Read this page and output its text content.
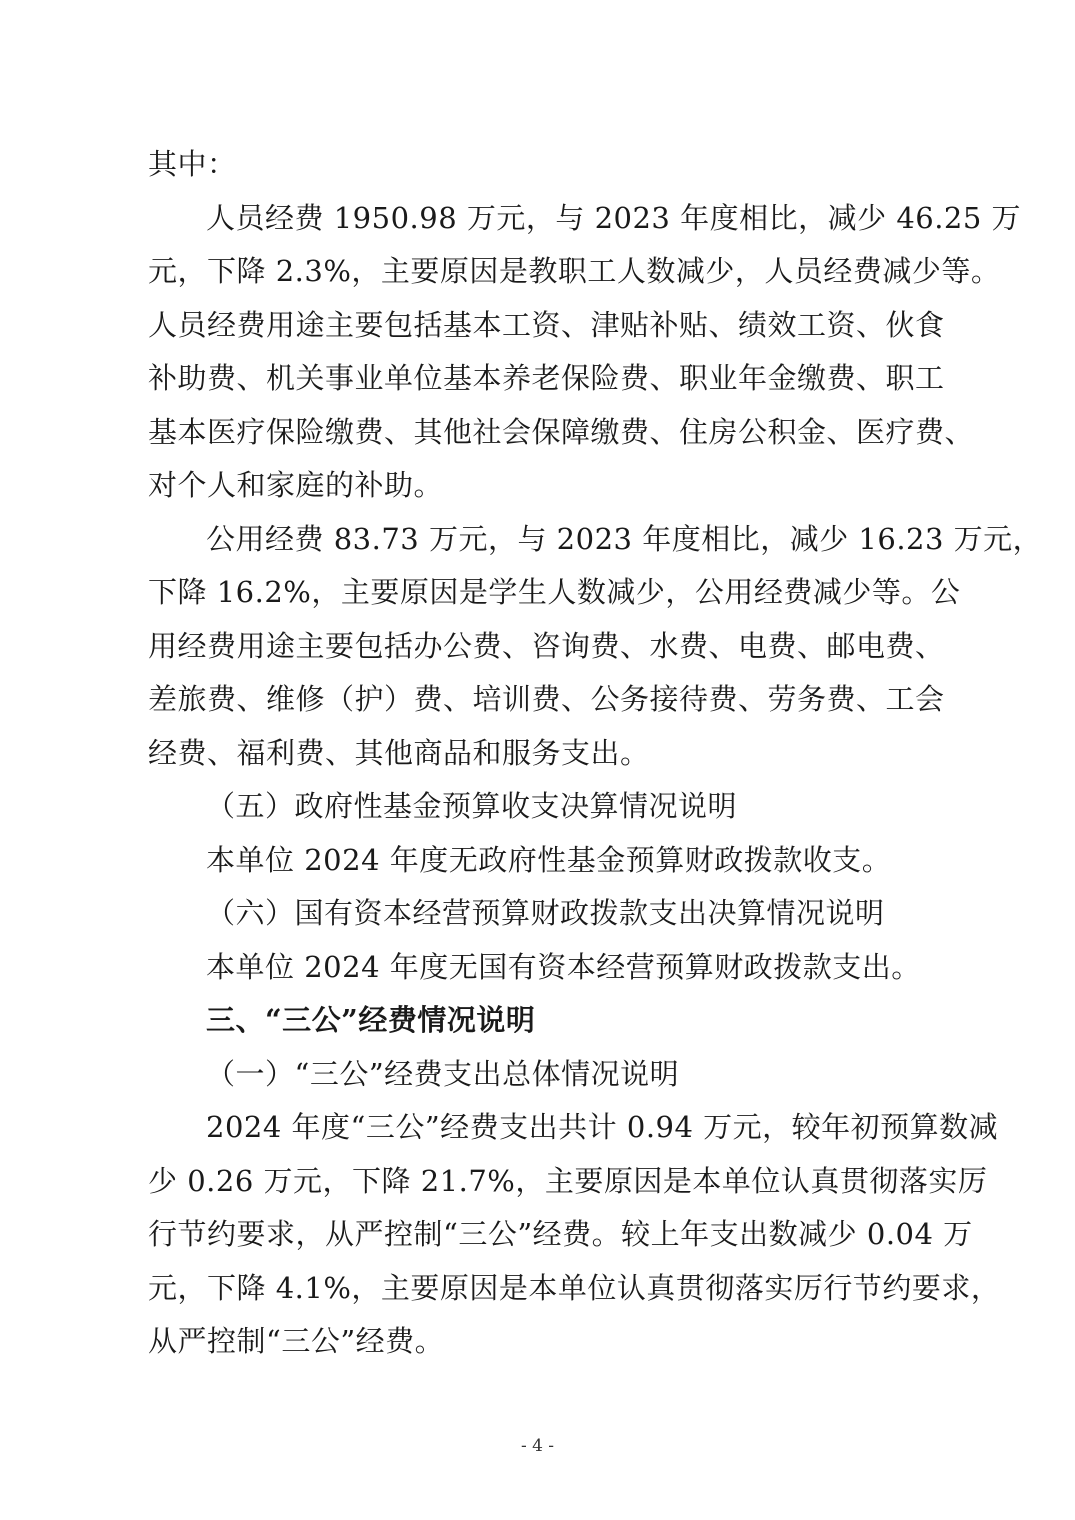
其中：
人员经费 1950.98 万元，与 2023 年度相比，减少 46.25 万
元，下降 2.3%，主要原因是教职工人数减少，人员经费减少等。
人员经费用途主要包括基本工资、津贴补贴、绩效工资、伙食
补助费、机关事业单位基本养老保险费、职业年金缴费、职工
基本医疗保险缴费、其他社会保障缴费、住房公积金、医疗费、
对个人和家庭的补助。
公用经费 83.73 万元，与 2023 年度相比，减少 16.23 万元，
下降 16.2%，主要原因是学生人数减少，公用经费减少等。公
用经费用途主要包括办公费、咨询费、水费、电费、邮电费、
差旅费、维修（护）费、培训费、公务接待费、劳务费、工会
经费、福利费、其他商品和服务支出。
（五）政府性基金预算收支决算情况说明
本单位 2024 年度无政府性基金预算财政拨款收支。
（六）国有资本经营预算财政拨款支出决算情况说明
本单位 2024 年度无国有资本经营预算财政拨款支出。
三、“三公”经费情况说明
（一）“三公”经费支出总体情况说明
2024 年度“三公”经费支出共计 0.94 万元，较年初预算数减
少 0.26 万元，下降 21.7%，主要原因是本单位认真贯彻落实厉
行节约要求，从严控制“三公”经费。较上年支出数减少 0.04 万
元，下降 4.1%，主要原因是本单位认真贯彻落实厉行节约要求，
从严控制“三公”经费。
- 4 -
